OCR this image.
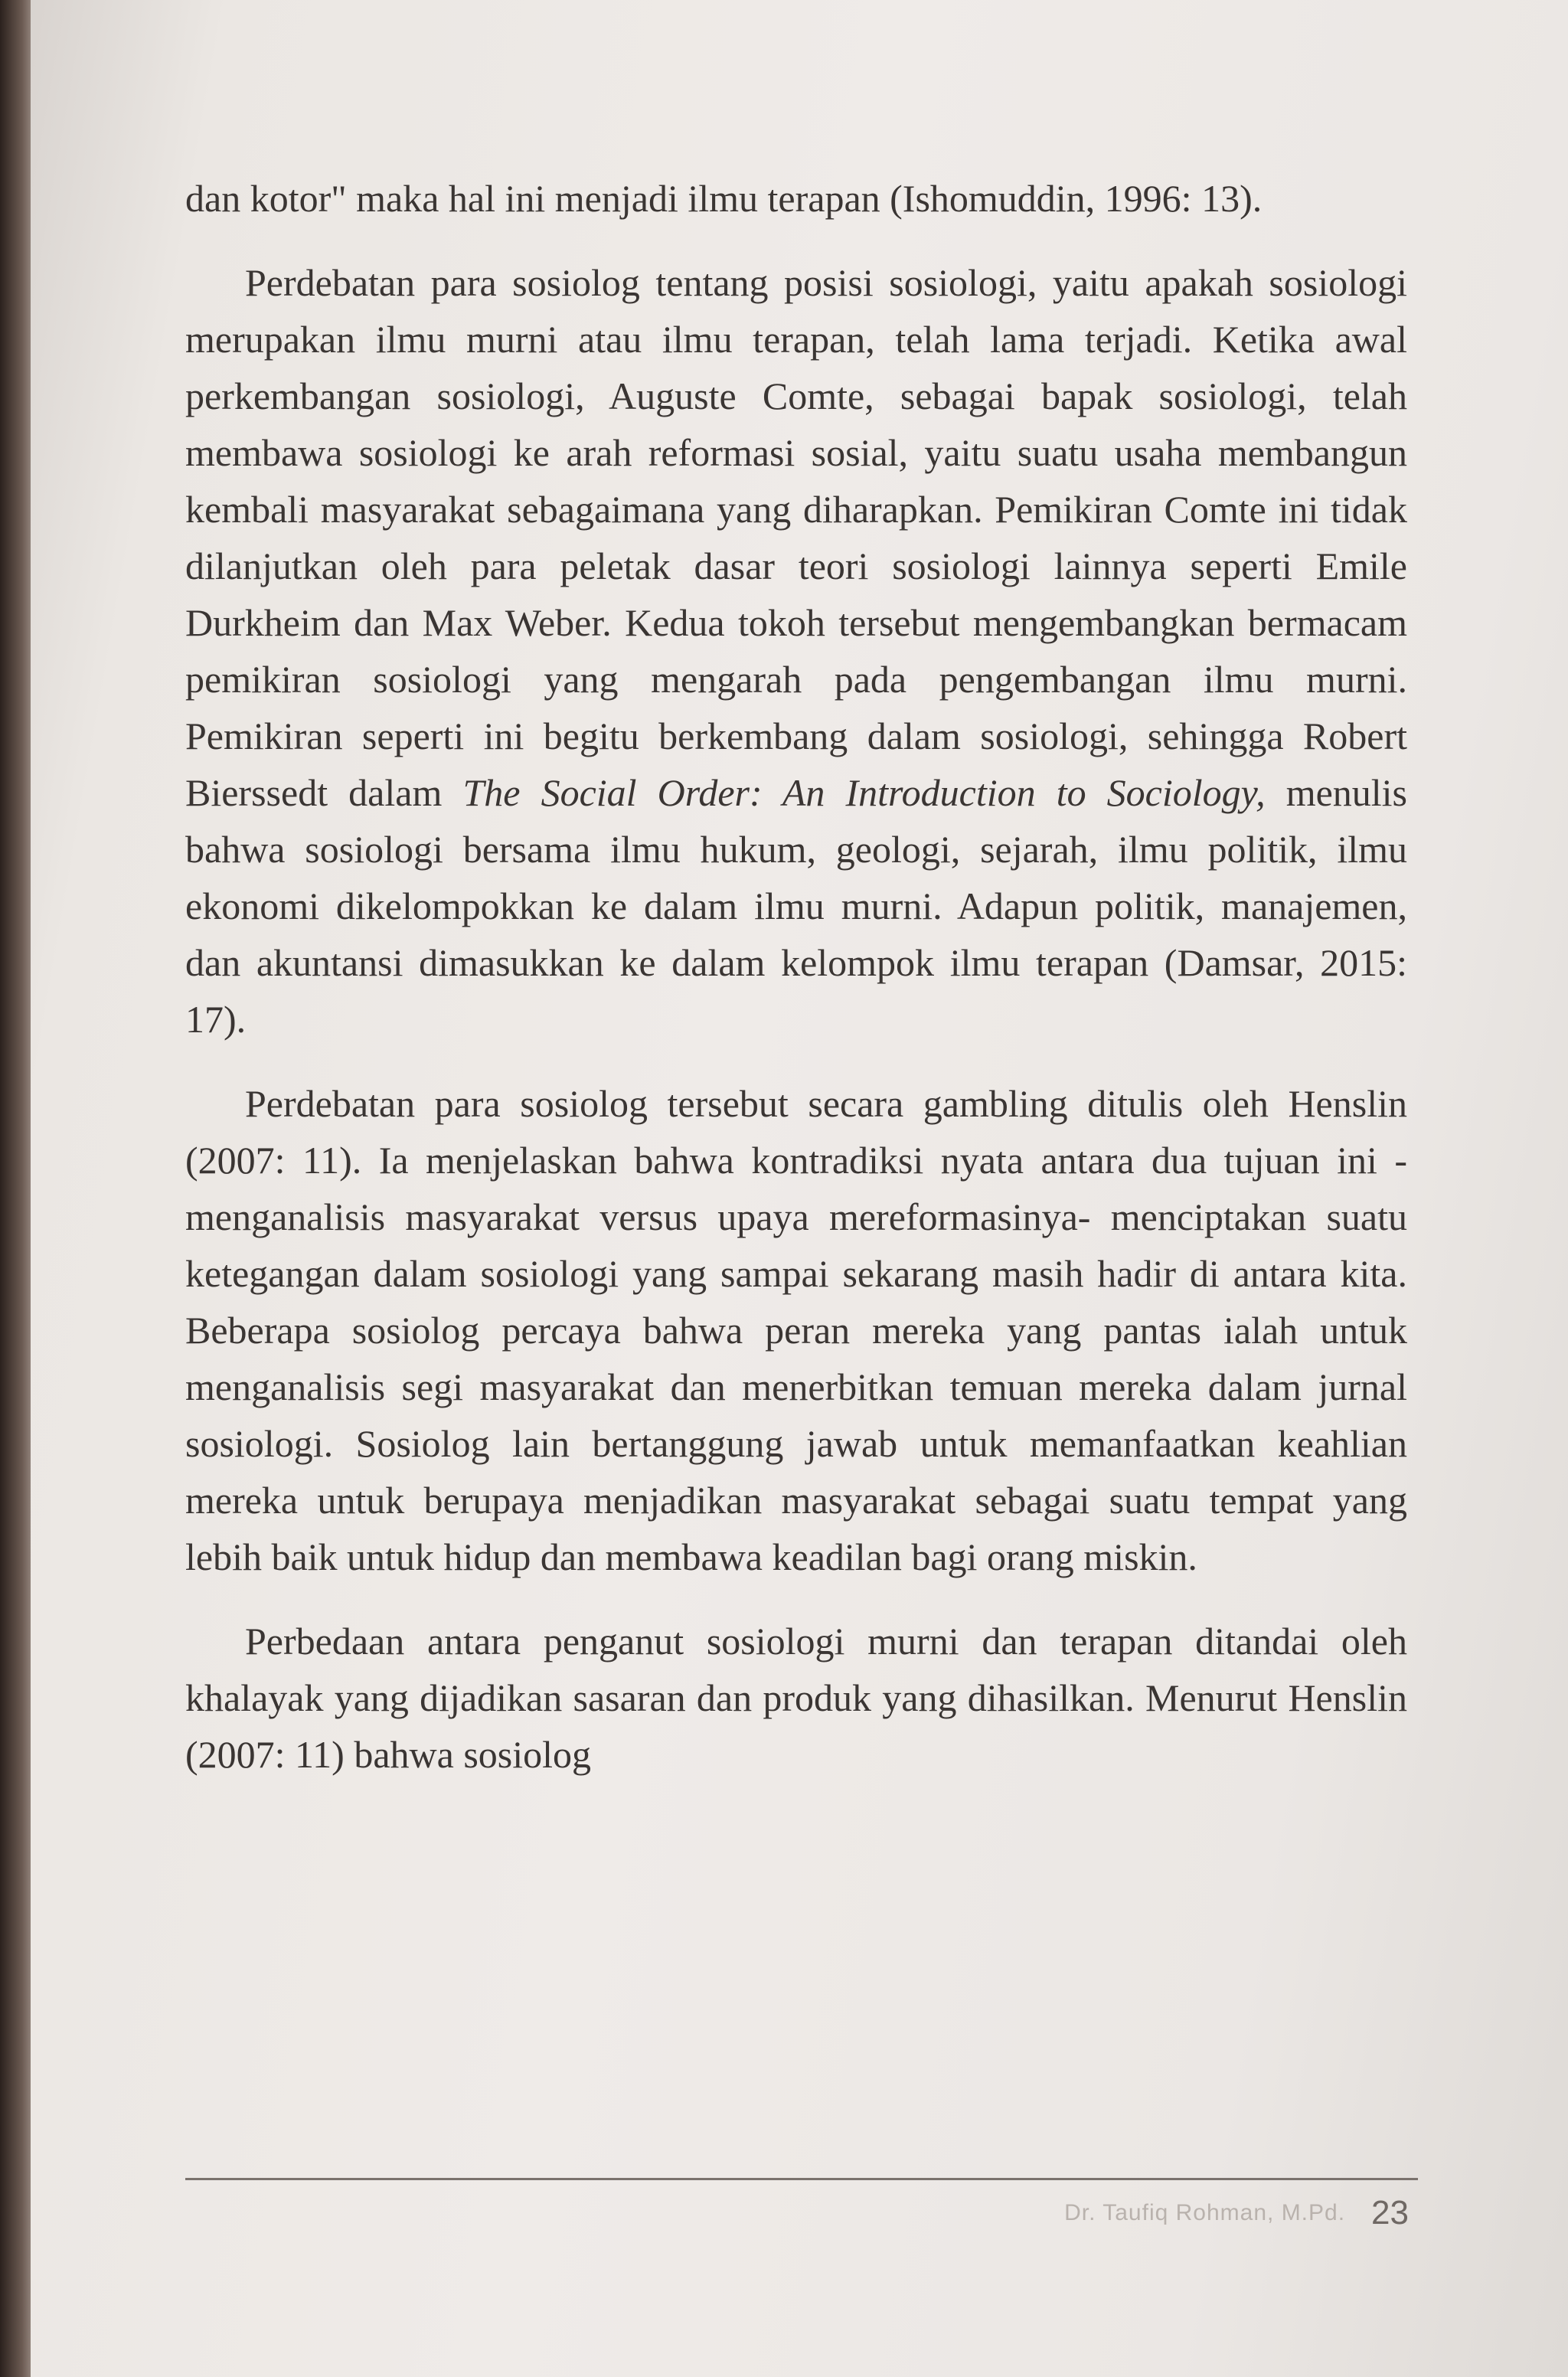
dan kotor" maka hal ini menjadi ilmu terapan (Ishomuddin, 1996: 13).

Perdebatan para sosiolog tentang posisi sosiologi, yaitu apakah sosiologi merupakan ilmu murni atau ilmu terapan, telah lama terjadi. Ketika awal perkembangan sosiologi, Auguste Comte, sebagai bapak sosiologi, telah membawa sosiologi ke arah reformasi sosial, yaitu suatu usaha membangun kembali masyarakat sebagaimana yang diharapkan. Pemikiran Comte ini tidak dilanjutkan oleh para peletak dasar teori sosiologi lainnya seperti Emile Durkheim dan Max Weber. Kedua tokoh tersebut mengembangkan bermacam pemikiran sosiologi yang mengarah pada pengembangan ilmu murni. Pemikiran seperti ini begitu berkembang dalam sosiologi, sehingga Robert Bierssedt dalam The Social Order: An Introduction to Sociology, menulis bahwa sosiologi bersama ilmu hukum, geologi, sejarah, ilmu politik, ilmu ekonomi dikelompokkan ke dalam ilmu murni. Adapun politik, manajemen, dan akuntansi dimasukkan ke dalam kelompok ilmu terapan (Damsar, 2015: 17).

Perdebatan para sosiolog tersebut secara gambling ditulis oleh Henslin (2007: 11). Ia menjelaskan bahwa kontradiksi nyata antara dua tujuan ini -menganalisis masyarakat versus upaya mereformasinya- menciptakan suatu ketegangan dalam sosiologi yang sampai sekarang masih hadir di antara kita. Beberapa sosiolog percaya bahwa peran mereka yang pantas ialah untuk menganalisis segi masyarakat dan menerbitkan temuan mereka dalam jurnal sosiologi. Sosiolog lain bertanggung jawab untuk memanfaatkan keahlian mereka untuk berupaya menjadikan masyarakat sebagai suatu tempat yang lebih baik untuk hidup dan membawa keadilan bagi orang miskin.

Perbedaan antara penganut sosiologi murni dan terapan ditandai oleh khalayak yang dijadikan sasaran dan produk yang dihasilkan. Menurut Henslin (2007: 11) bahwa sosiolog

Dr. Taufiq Rohman, M.Pd. 23
